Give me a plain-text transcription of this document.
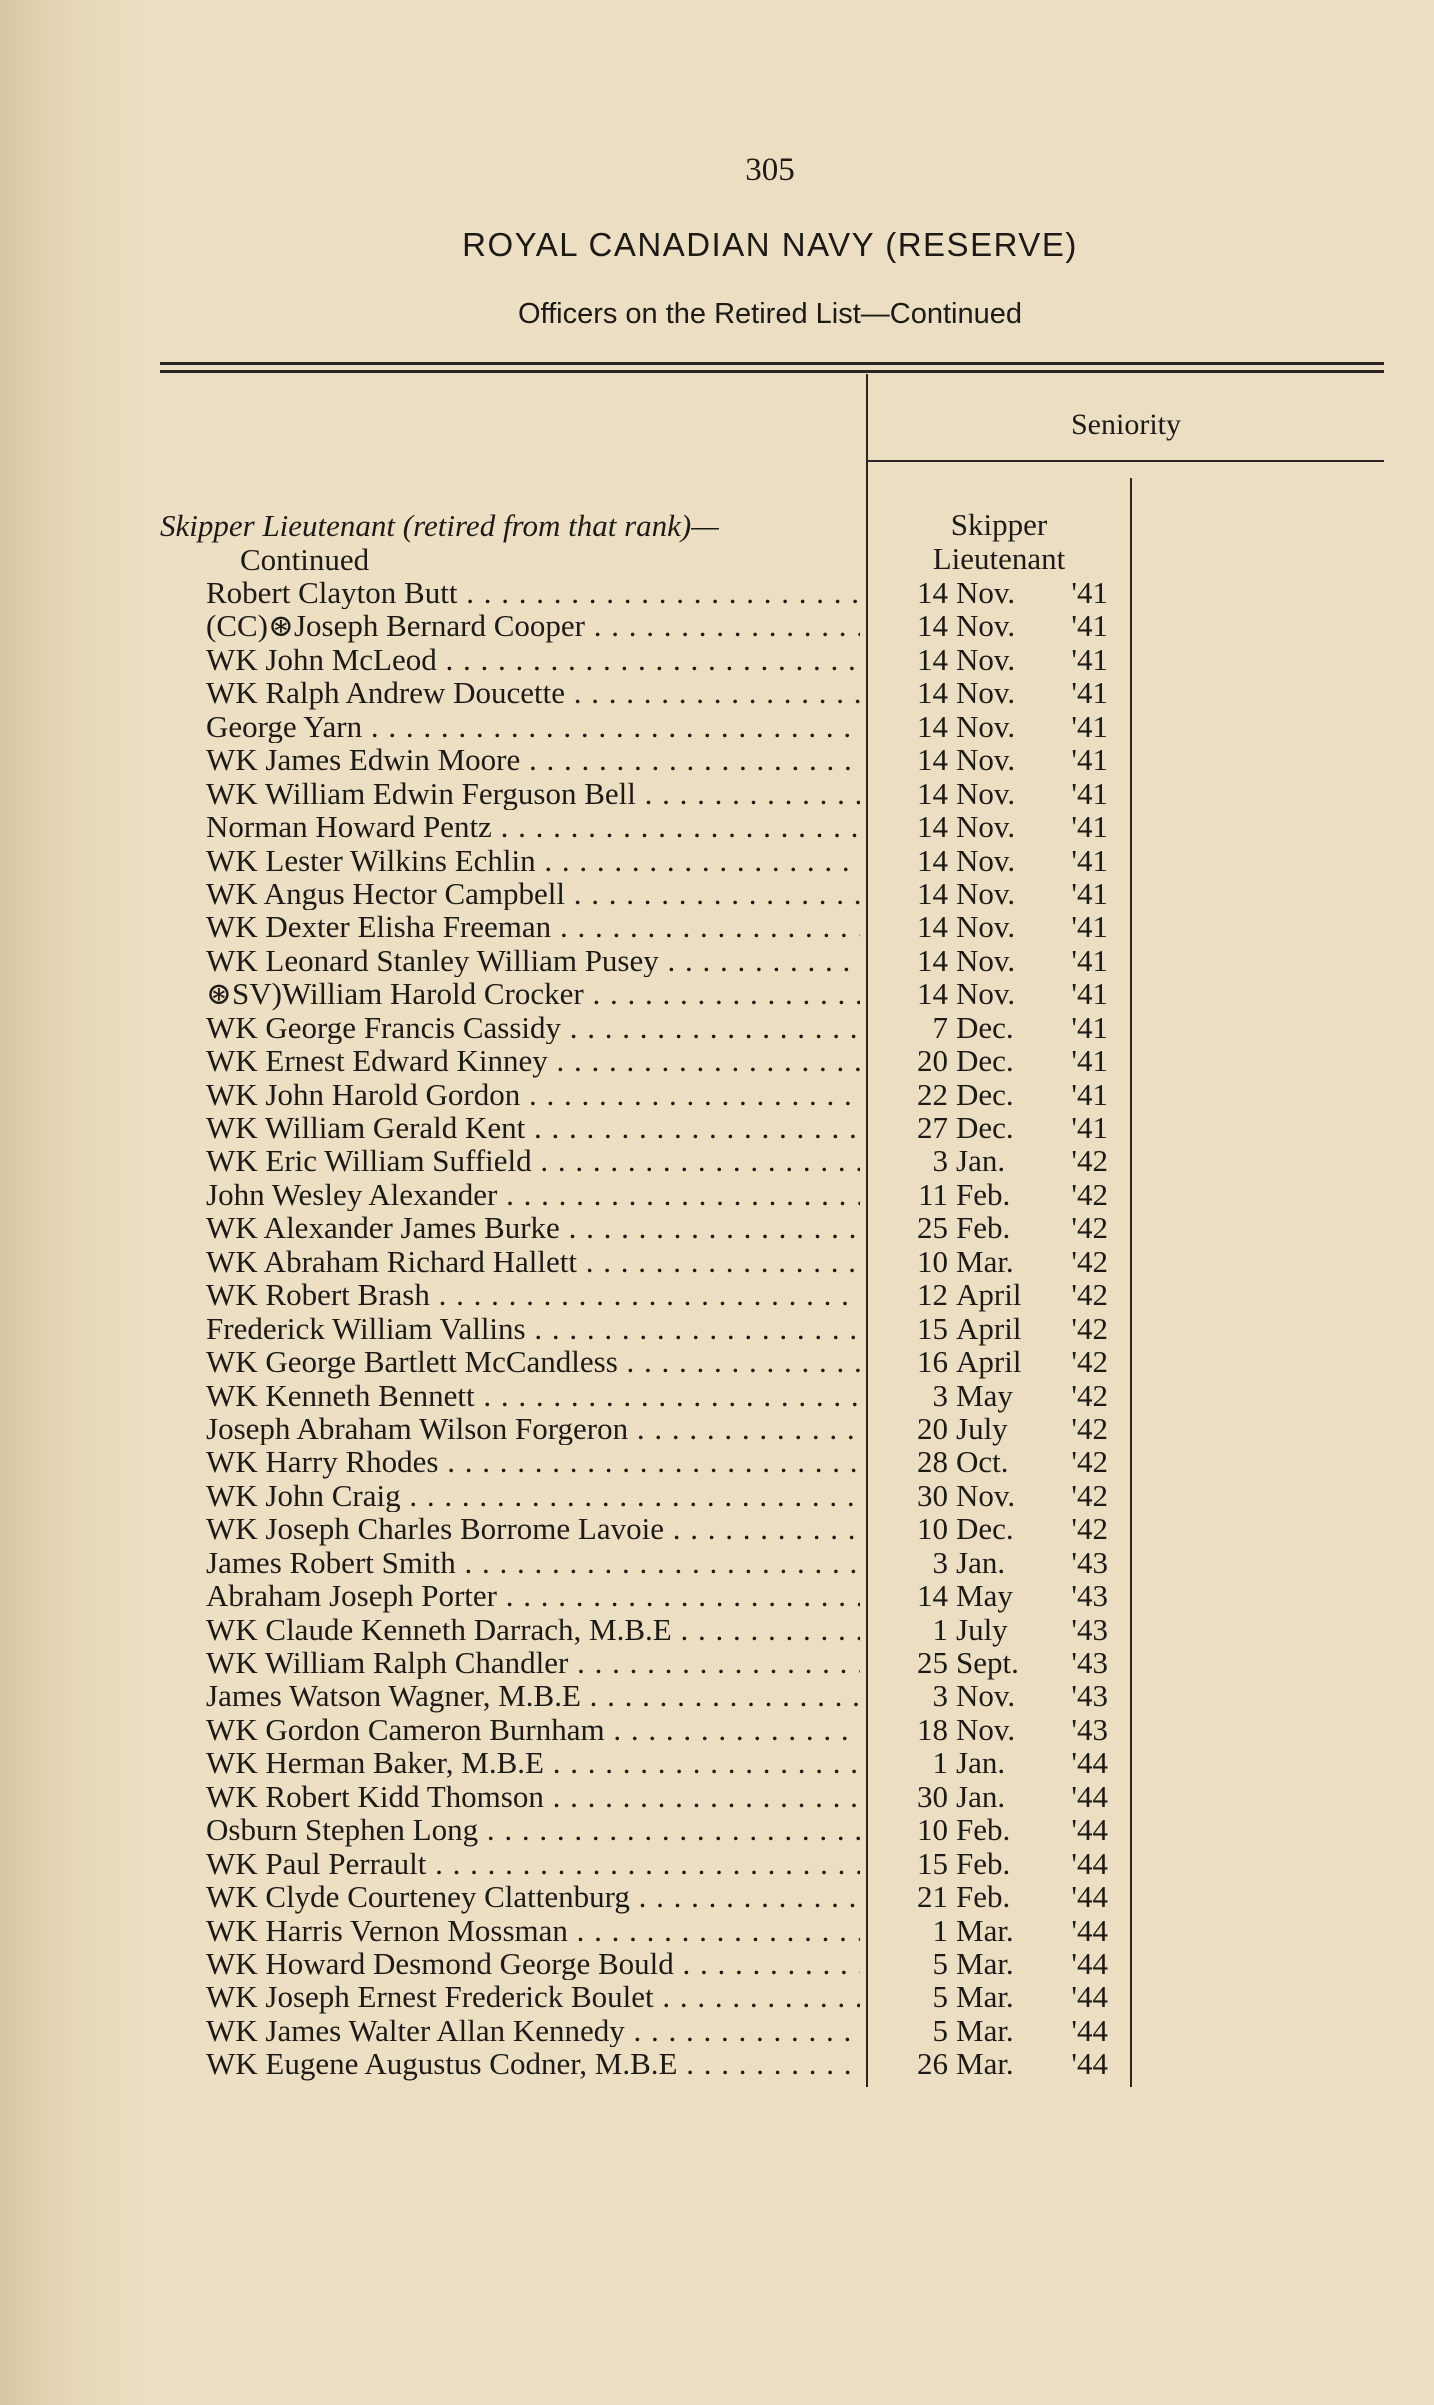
305
ROYAL CANADIAN NAVY (RESERVE)
Officers on the Retired List—Continued
Seniority
Skipper Lieutenant (retired from that rank)—
Continued
Skipper
Lieutenant
Robert Clayton Butt . . .	14 Nov.	'41
(CC)⊛Joseph Bernard Cooper . . .	14 Nov.	'41
WK John McLeod . . .	14 Nov.	'41
WK Ralph Andrew Doucette . . .	14 Nov.	'41
George Yarn . . .	14 Nov.	'41
WK James Edwin Moore . . .	14 Nov.	'41
WK William Edwin Ferguson Bell . . .	14 Nov.	'41
Norman Howard Pentz . . .	14 Nov.	'41
WK Lester Wilkins Echlin . . .	14 Nov.	'41
WK Angus Hector Campbell . . .	14 Nov.	'41
WK Dexter Elisha Freeman . . .	14 Nov.	'41
WK Leonard Stanley William Pusey . . .	14 Nov.	'41
⊛SV)William Harold Crocker . . .	14 Nov.	'41
WK George Francis Cassidy . . .	7 Dec.	'41
WK Ernest Edward Kinney . . .	20 Dec.	'41
WK John Harold Gordon . . .	22 Dec.	'41
WK William Gerald Kent . . .	27 Dec.	'41
WK Eric William Suffield . . .	3 Jan.	'42
John Wesley Alexander . . .	11 Feb.	'42
WK Alexander James Burke . . .	25 Feb.	'42
WK Abraham Richard Hallett . . .	10 Mar.	'42
WK Robert Brash . . .	12 April	'42
Frederick William Vallins . . .	15 April	'42
WK George Bartlett McCandless . . .	16 April	'42
WK Kenneth Bennett . . .	3 May	'42
Joseph Abraham Wilson Forgeron . . .	20 July	'42
WK Harry Rhodes . . .	28 Oct.	'42
WK John Craig . . .	30 Nov.	'42
WK Joseph Charles Borrome Lavoie . . .	10 Dec.	'42
James Robert Smith . . .	3 Jan.	'43
Abraham Joseph Porter . . .	14 May	'43
WK Claude Kenneth Darrach, M.B.E . . .	1 July	'43
WK William Ralph Chandler . . .	25 Sept.	'43
James Watson Wagner, M.B.E . . .	3 Nov.	'43
WK Gordon Cameron Burnham . . .	18 Nov.	'43
WK Herman Baker, M.B.E . . .	1 Jan.	'44
WK Robert Kidd Thomson . . .	30 Jan.	'44
Osburn Stephen Long . . .	10 Feb.	'44
WK Paul Perrault . . .	15 Feb.	'44
WK Clyde Courteney Clattenburg . . .	21 Feb.	'44
WK Harris Vernon Mossman . . .	1 Mar.	'44
WK Howard Desmond George Bould . . .	5 Mar.	'44
WK Joseph Ernest Frederick Boulet . . .	5 Mar.	'44
WK James Walter Allan Kennedy . . .	5 Mar.	'44
WK Eugene Augustus Codner, M.B.E . . .	26 Mar.	'44
